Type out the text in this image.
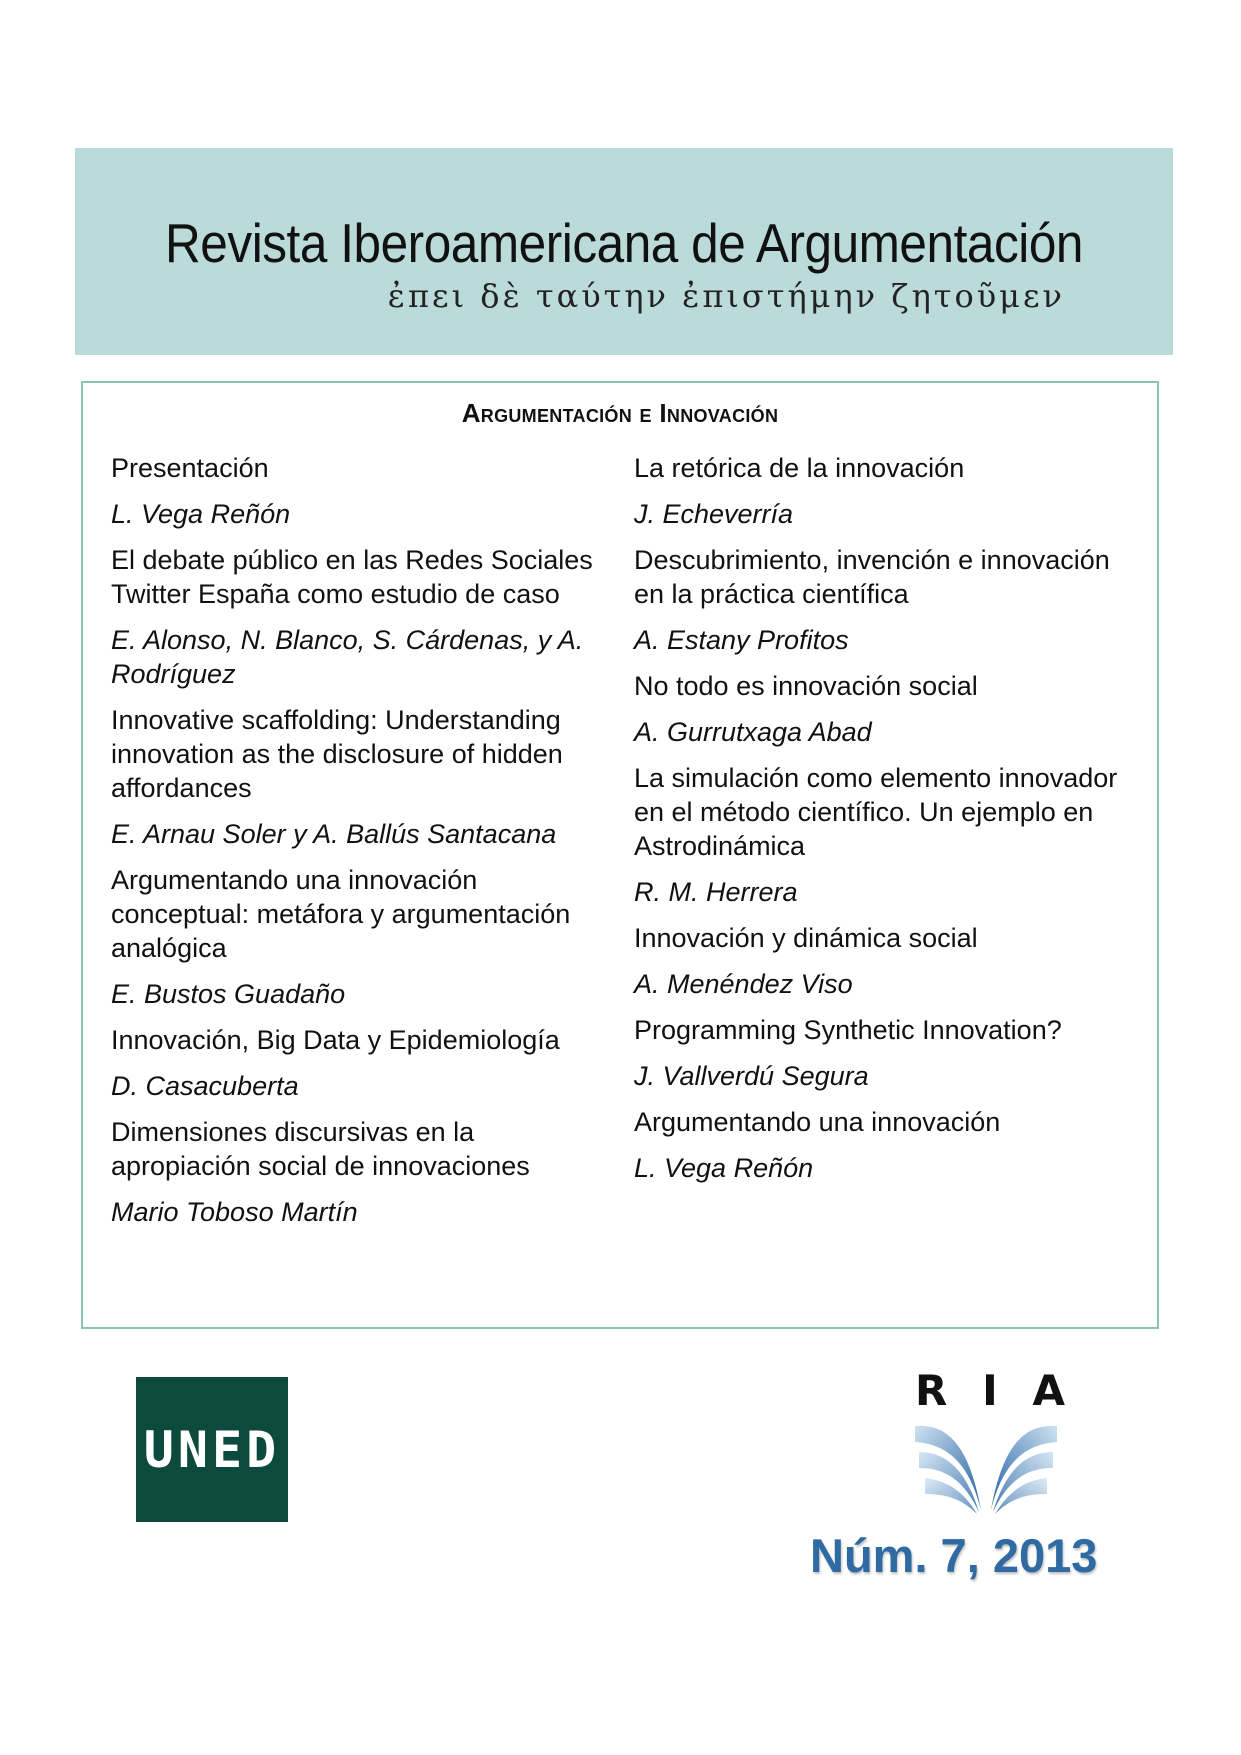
Revista Iberoamericana de Argumentación
ἐπει δὲ ταύτην ἐπιστήμην ζητοῦμεν
Argumentación e Innovación
Presentación
L. Vega Reñón
El debate público en las Redes Sociales Twitter España como estudio de caso
E. Alonso, N. Blanco, S. Cárdenas, y A. Rodríguez
Innovative scaffolding: Understanding innovation as the disclosure of hidden affordances
E. Arnau Soler y A. Ballús Santacana
Argumentando una innovación conceptual: metáfora y argumentación analógica
E. Bustos Guadaño
Innovación, Big Data y Epidemiología
D. Casacuberta
Dimensiones discursivas en la apropiación social de innovaciones
Mario Toboso Martín
La retórica de la innovación
J. Echeverría
Descubrimiento, invención e innovación en la práctica científica
A. Estany Profitos
No todo es innovación social
A. Gurrutxaga Abad
La simulación como elemento innovador en el método científico. Un ejemplo en Astrodinámica
R. M. Herrera
Innovación y dinámica social
A. Menéndez Viso
Programming Synthetic Innovation?
J. Vallverdú Segura
Argumentando una innovación
L. Vega Reñón
UNED
R I A
Núm. 7, 2013
